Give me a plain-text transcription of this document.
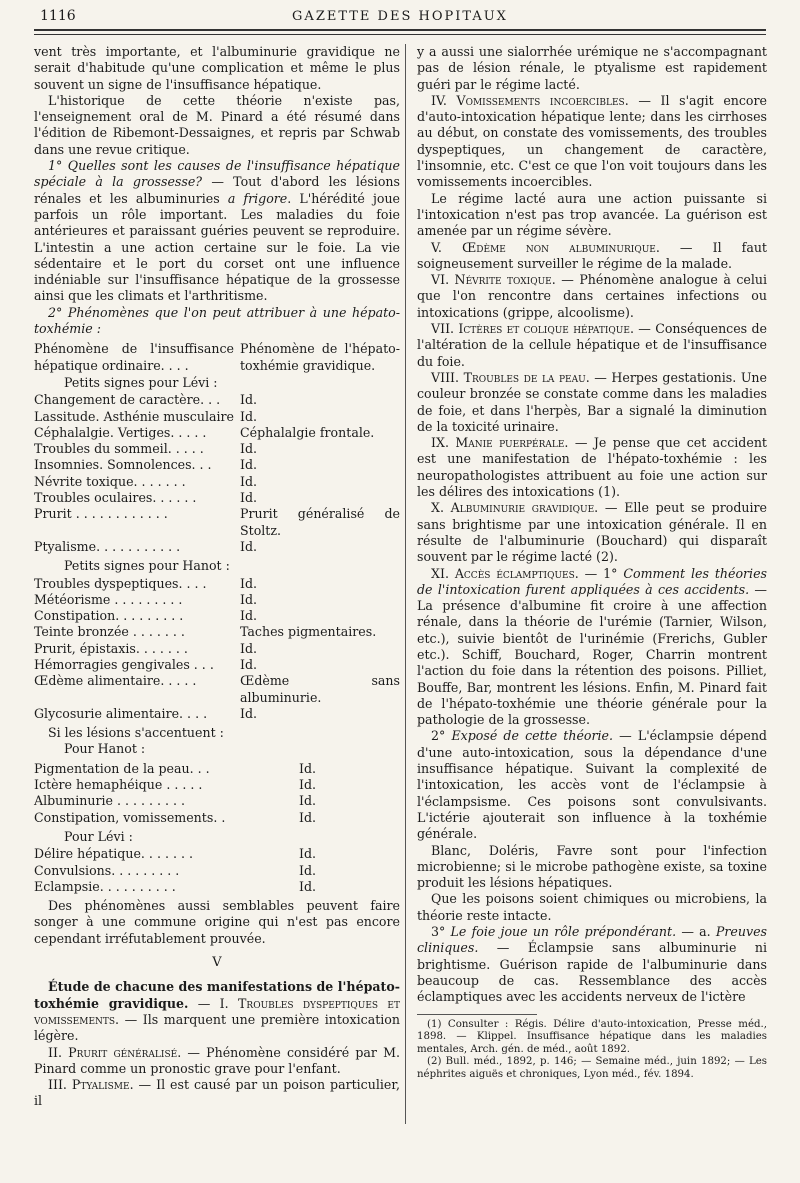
1116	GAZETTE DES HOPITAUX

vent très importante, et l'albuminurie gravidique ne serait d'habitude qu'une complication et même le plus souvent un signe de l'insuffisance hépatique.

L'historique de cette théorie n'existe pas, l'enseignement oral de M. Pinard a été résumé dans l'édition de Ribemont-Dessaignes, et repris par Schwab dans une revue critique.

1° Quelles sont les causes de l'insuffisance hépatique spéciale à la grossesse? — Tout d'abord les lésions rénales et les albuminuries a frigore. L'hérédité joue parfois un rôle important. Les maladies du foie antérieures et paraissant guéries peuvent se reproduire. L'intestin a une action certaine sur le foie. La vie sédentaire et le port du corset ont une influence indéniable sur l'insuffisance hépatique de la grossesse ainsi que les climats et l'arthritisme.

2° Phénomènes que l'on peut attribuer à une hépato-toxhémie :

Phénomène de l'insuffisance hépatique ordinaire. . . .	Phénomène de l'hépato-toxhémie gravidique.
Petits signes pour Lévi :
Changement de caractère. . .	Id.
Lassitude. Asthénie musculaire	Id.
Céphalalgie. Vertiges. . . . .	Céphalalgie frontale.
Troubles du sommeil. . . . .	Id.
Insomnies. Somnolences. . .	Id.
Névrite toxique. . . . . . .	Id.
Troubles oculaires. . . . . .	Id.
Prurit . . . . . . . . . . . .	Prurit généralisé de Stoltz.
Ptyalisme. . . . . . . . . . .	Id.
Petits signes pour Hanot :
Troubles dyspeptiques. . . .	Id.
Météorisme . . . . . . . . .	Id.
Constipation. . . . . . . . .	Id.
Teinte bronzée . . . . . . .	Taches pigmentaires.
Prurit, épistaxis. . . . . . .	Id.
Hémorragies gengivales . . .	Id.
Œdème alimentaire. . . . .	Œdème sans albuminurie.
Glycosurie alimentaire. . . .	Id.
Si les lésions s'accentuent :
Pour Hanot :
Pigmentation de la peau. . .	Id.
Ictère hemaphéique . . . . .	Id.
Albuminurie . . . . . . . . .	Id.
Constipation, vomissements. .	Id.
Pour Lévi :
Délire hépatique. . . . . . .	Id.
Convulsions. . . . . . . . .	Id.
Eclampsie. . . . . . . . . .	Id.

Des phénomènes aussi semblables peuvent faire songer à une commune origine qui n'est pas encore cependant irréfutablement prouvée.

V

Étude de chacune des manifestations de l'hépato-toxhémie gravidique. — I. Troubles dyspeptiques et vomissements. — Ils marquent une première intoxication légère.

II. Prurit généralisé. — Phénomène considéré par M. Pinard comme un pronostic grave pour l'enfant.

III. Ptyalisme. — Il est causé par un poison particulier, il

y a aussi une sialorrhée urémique ne s'accompagnant pas de lésion rénale, le ptyalisme est rapidement guéri par le régime lacté.

IV. Vomissements incoercibles. — Il s'agit encore d'auto-intoxication hépatique lente; dans les cirrhoses au début, on constate des vomissements, des troubles dyspeptiques, un changement de caractère, l'insomnie, etc. C'est ce que l'on voit toujours dans les vomissements incoercibles.

Le régime lacté aura une action puissante si l'intoxication n'est pas trop avancée. La guérison est amenée par un régime sévère.

V. Œdème non albuminurique. — Il faut soigneusement surveiller le régime de la malade.

VI. Névrite toxique. — Phénomène analogue à celui que l'on rencontre dans certaines infections ou intoxications (grippe, alcoolisme).

VII. Ictères et colique hépatique. — Conséquences de l'altération de la cellule hépatique et de l'insuffisance du foie.

VIII. Troubles de la peau. — Herpes gestationis. Une couleur bronzée se constate comme dans les maladies de foie, et dans l'herpès, Bar a signalé la diminution de la toxicité urinaire.

IX. Manie puerpérale. — Je pense que cet accident est une manifestation de l'hépato-toxhémie : les neuropathologistes attribuent au foie une action sur les délires des intoxications (1).

X. Albuminurie gravidique. — Elle peut se produire sans brightisme par une intoxication générale. Il en résulte de l'albuminurie (Bouchard) qui disparaît souvent par le régime lacté (2).

XI. Accès éclamptiques. — 1° Comment les théories de l'intoxication furent appliquées à ces accidents. — La présence d'albumine fit croire à une affection rénale, dans la théorie de l'urémie (Tarnier, Wilson, etc.), suivie bientôt de l'urinémie (Frerichs, Gubler etc.). Schiff, Bouchard, Roger, Charrin montrent l'action du foie dans la rétention des poisons. Pilliet, Bouffe, Bar, montrent les lésions. Enfin, M. Pinard fait de l'hépato-toxhémie une théorie générale pour la pathologie de la grossesse.

2° Exposé de cette théorie. — L'éclampsie dépend d'une auto-intoxication, sous la dépendance d'une insuffisance hépatique. Suivant la complexité de l'intoxication, les accès vont de l'éclampsie à l'éclampsisme. Ces poisons sont convulsivants. L'ictérie ajouterait son influence à la toxhémie générale.

Blanc, Doléris, Favre sont pour l'infection microbienne; si le microbe pathogène existe, sa toxine produit les lésions hépatiques.

Que les poisons soient chimiques ou microbiens, la théorie reste intacte.

3° Le foie joue un rôle prépondérant. — a. Preuves cliniques. — Éclampsie sans albuminurie ni brightisme. Guérison rapide de l'albuminurie dans beaucoup de cas. Ressemblance des accès éclamptiques avec les accidents nerveux de l'ictère

(1) Consulter : Régis. Délire d'auto-intoxication, Presse méd., 1898. — Klippel. Insuffisance hépatique dans les maladies mentales, Arch. gén. de méd., août 1892.

(2) Bull. méd., 1892, p. 146; — Semaine méd., juin 1892; — Les néphrites aiguës et chroniques, Lyon méd., fév. 1894.
